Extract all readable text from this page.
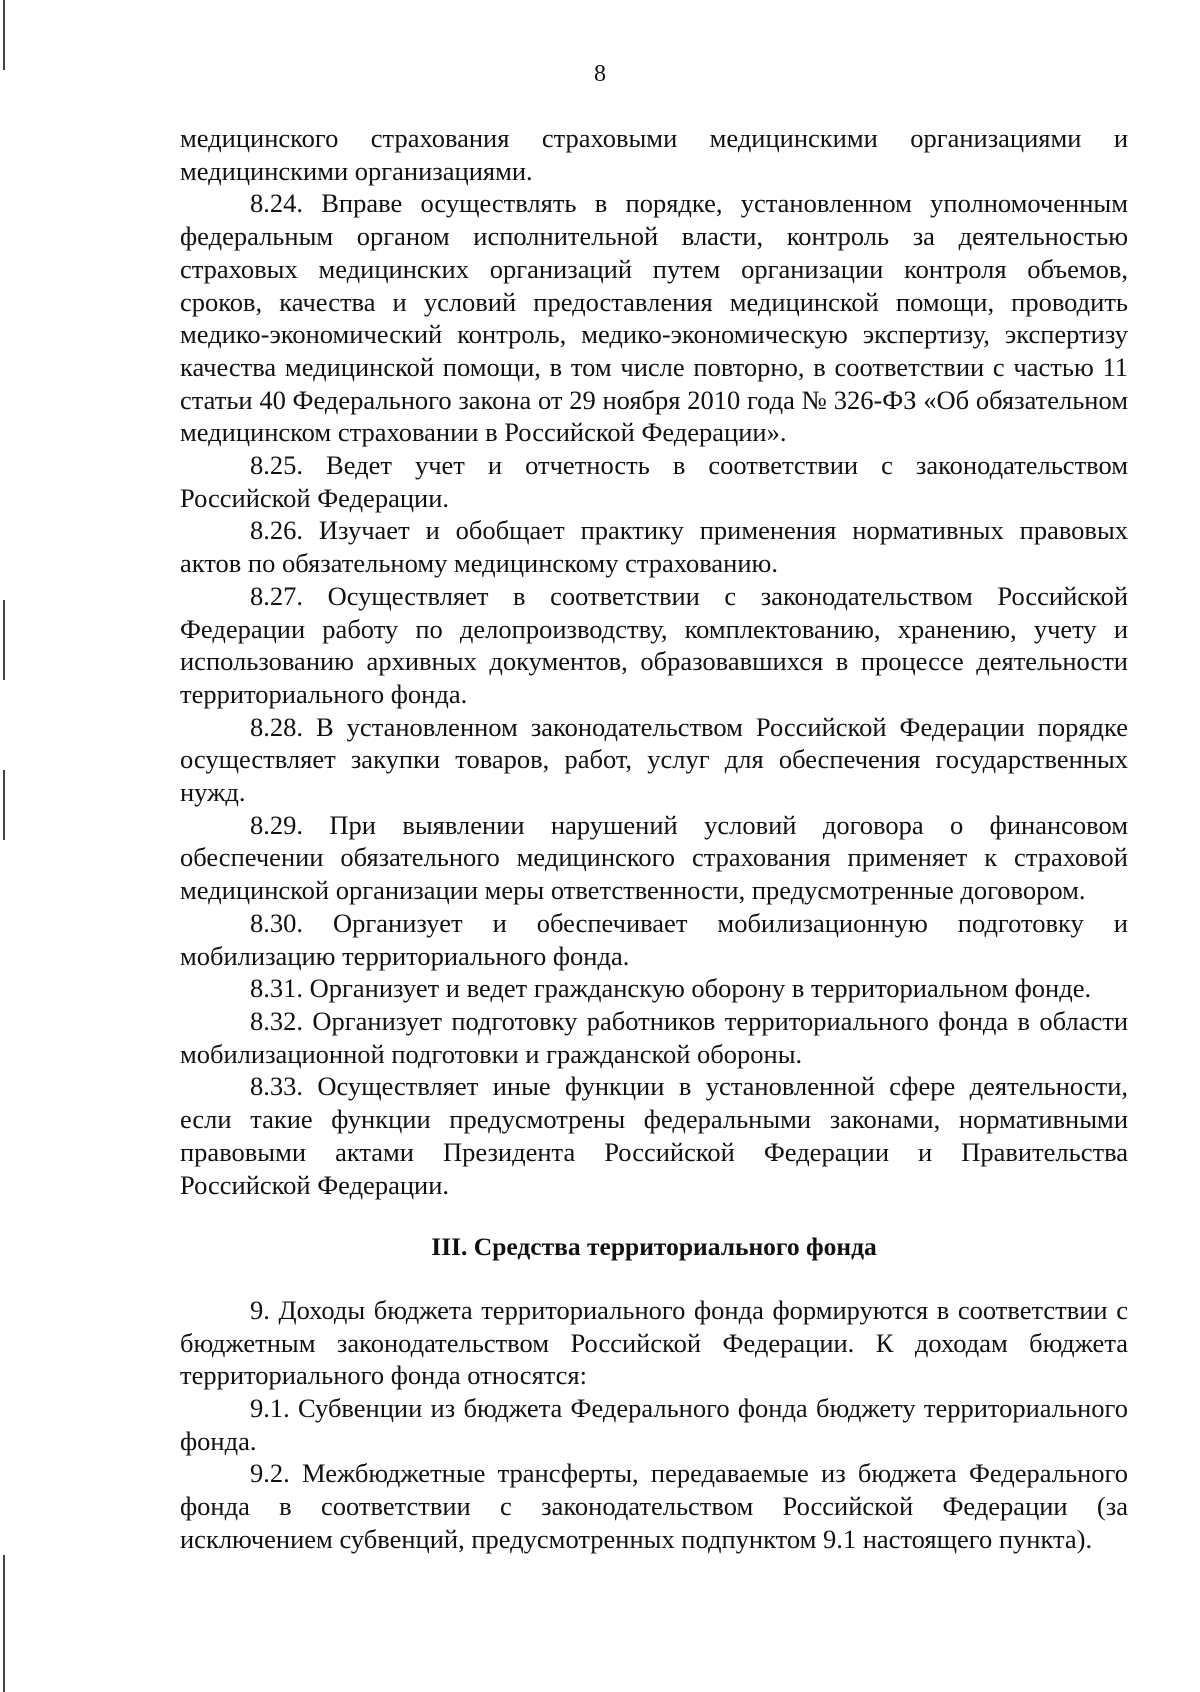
8

медицинского страхования страховыми медицинскими организациями и медицинскими организациями.

8.24. Вправе осуществлять в порядке, установленном уполномоченным федеральным органом исполнительной власти, контроль за деятельностью страховых медицинских организаций путем организации контроля объемов, сроков, качества и условий предоставления медицинской помощи, проводить медико-экономический контроль, медико-экономическую экспертизу, экспертизу качества медицинской помощи, в том числе повторно, в соответствии с частью 11 статьи 40 Федерального закона от 29 ноября 2010 года № 326-ФЗ «Об обязательном медицинском страховании в Российской Федерации».

8.25. Ведет учет и отчетность в соответствии с законодательством Российской Федерации.

8.26. Изучает и обобщает практику применения нормативных правовых актов по обязательному медицинскому страхованию.

8.27. Осуществляет в соответствии с законодательством Российской Федерации работу по делопроизводству, комплектованию, хранению, учету и использованию архивных документов, образовавшихся в процессе деятельности территориального фонда.

8.28. В установленном законодательством Российской Федерации порядке осуществляет закупки товаров, работ, услуг для обеспечения государственных нужд.

8.29. При выявлении нарушений условий договора о финансовом обеспечении обязательного медицинского страхования применяет к страховой медицинской организации меры ответственности, предусмотренные договором.

8.30. Организует и обеспечивает мобилизационную подготовку и мобилизацию территориального фонда.

8.31. Организует и ведет гражданскую оборону в территориальном фонде.

8.32. Организует подготовку работников территориального фонда в области мобилизационной подготовки и гражданской обороны.

8.33. Осуществляет иные функции в установленной сфере деятельности, если такие функции предусмотрены федеральными законами, нормативными правовыми актами Президента Российской Федерации и Правительства Российской Федерации.

III. Средства территориального фонда

9. Доходы бюджета территориального фонда формируются в соответствии с бюджетным законодательством Российской Федерации. К доходам бюджета территориального фонда относятся:

9.1. Субвенции из бюджета Федерального фонда бюджету территориального фонда.

9.2. Межбюджетные трансферты, передаваемые из бюджета Федерального фонда в соответствии с законодательством Российской Федерации (за исключением субвенций, предусмотренных подпунктом 9.1 настоящего пункта).
